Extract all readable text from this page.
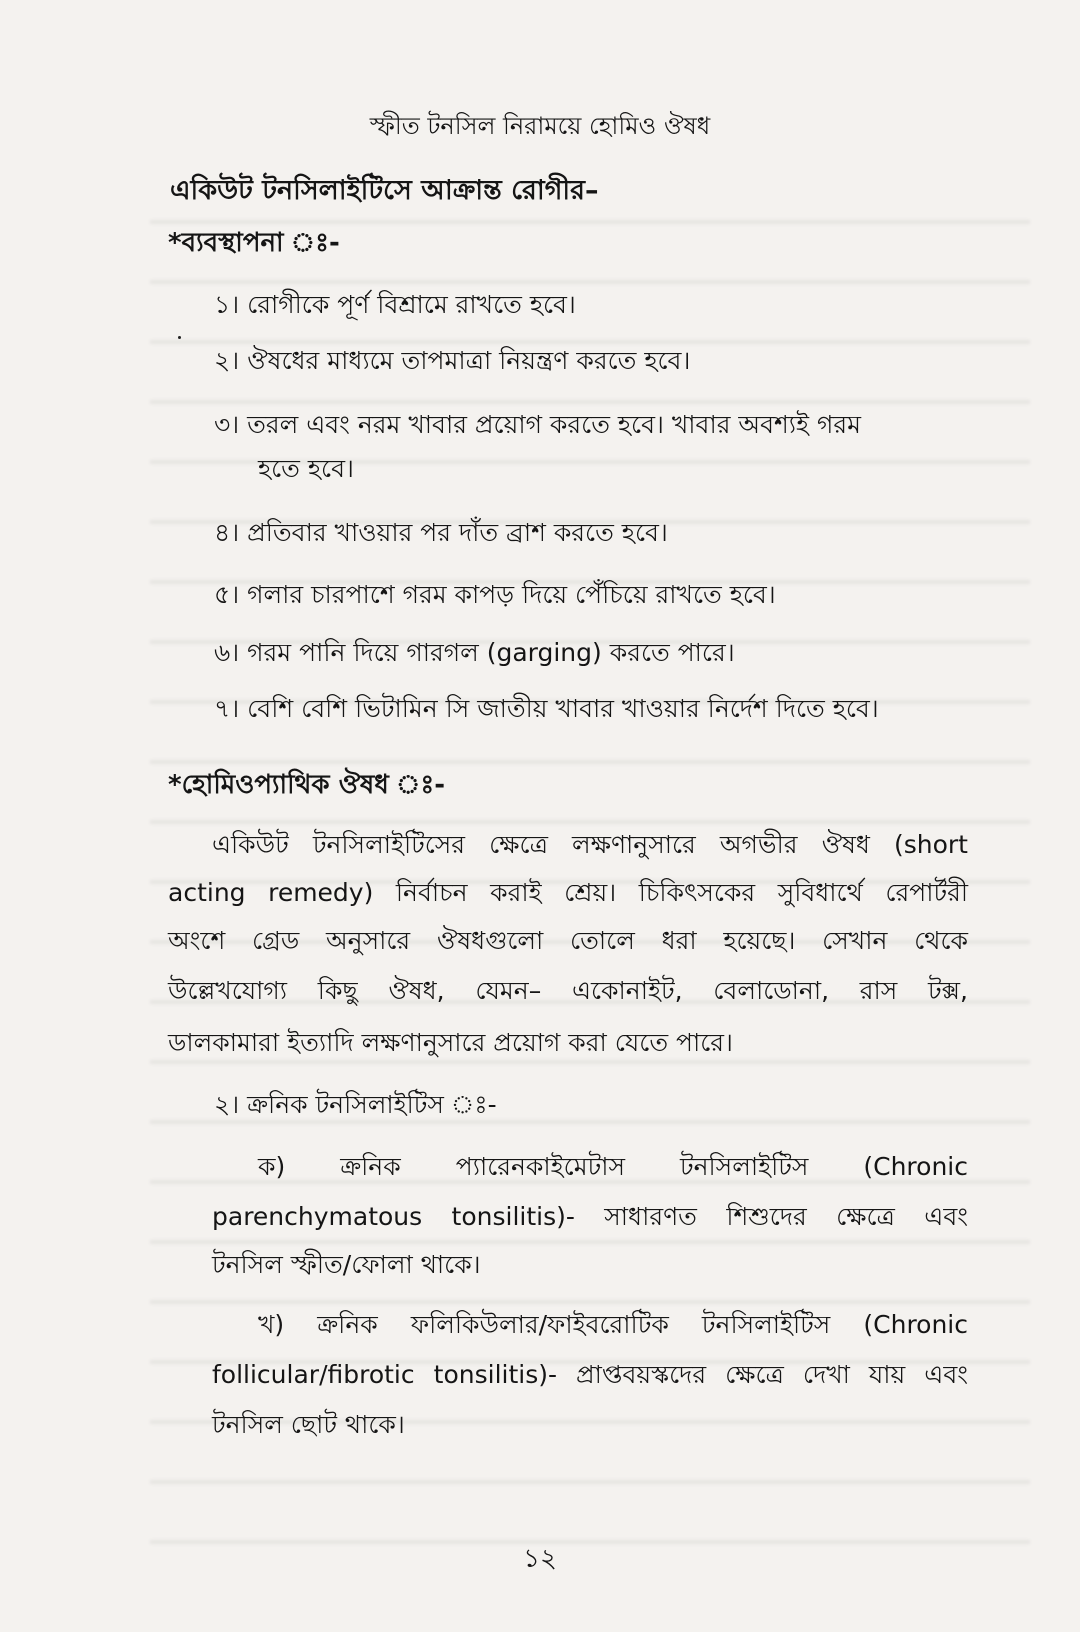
স্ফীত টনসিল নিরাময়ে হোমিও ঔষধ
একিউট টনসিলাইটিসে আক্রান্ত রোগীর–
*ব্যবস্থাপনা ঃ-
১। রোগীকে পূর্ণ বিশ্রামে রাখতে হবে।
২। ঔষধের মাধ্যমে তাপমাত্রা নিয়ন্ত্রণ করতে হবে।
৩। তরল এবং নরম খাবার প্রয়োগ করতে হবে। খাবার অবশ্যই গরম
হতে হবে।
৪। প্রতিবার খাওয়ার পর দাঁত ব্রাশ করতে হবে।
৫। গলার চারপাশে গরম কাপড় দিয়ে পেঁচিয়ে রাখতে হবে।
৬। গরম পানি দিয়ে গারগল (garging) করতে পারে।
৭। বেশি বেশি ভিটামিন সি জাতীয় খাবার খাওয়ার নির্দেশ দিতে হবে।
*হোমিওপ্যাথিক ঔষধ ঃ-
একিউট টনসিলাইটিসের ক্ষেত্রে লক্ষণানুসারে অগভীর ঔষধ (short
acting remedy) নির্বাচন করাই শ্রেয়। চিকিৎসকের সুবিধার্থে রেপার্টরী
অংশে গ্রেড অনুসারে ঔষধগুলো তোলে ধরা হয়েছে। সেখান থেকে
উল্লেখযোগ্য কিছু ঔষধ, যেমন– একোনাইট, বেলাডোনা, রাস টক্স,
ডালকামারা ইত্যাদি লক্ষণানুসারে প্রয়োগ করা যেতে পারে।
২। ক্রনিক টনসিলাইটিস ঃ-
ক) ক্রনিক প্যারেনকাইমেটাস টনসিলাইটিস (Chronic
parenchymatous tonsilitis)- সাধারণত শিশুদের ক্ষেত্রে এবং
টনসিল স্ফীত/ফোলা থাকে।
খ) ক্রনিক ফলিকিউলার/ফাইবরোটিক টনসিলাইটিস (Chronic
follicular/fibrotic tonsilitis)- প্রাপ্তবয়স্কদের ক্ষেত্রে দেখা যায় এবং
টনসিল ছোট থাকে।
১২
